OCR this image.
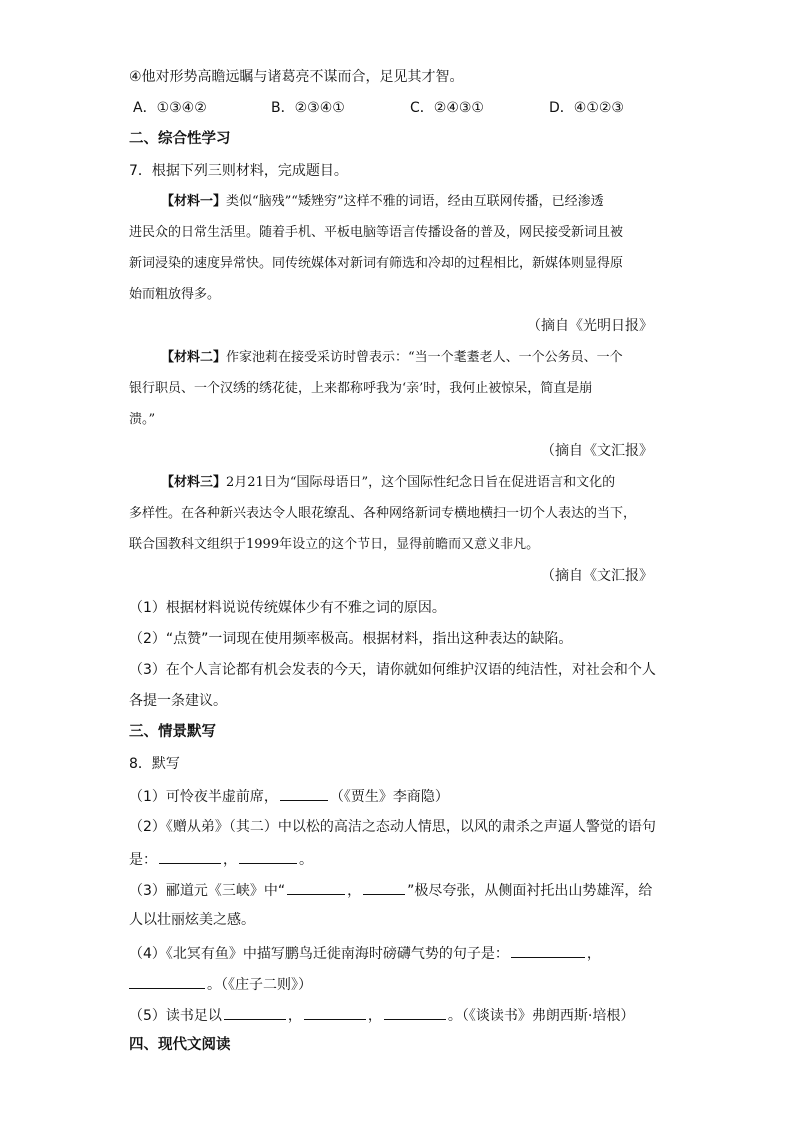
④他对形势高瞻远瞩与诸葛亮不谋而合，足见其才智。
A．①③④②	B．②③④①	C．②④③①	D．④①②③
二、综合性学习
7．根据下列三则材料，完成题目。
【材料一】类似“脑残”“矮矬穷”这样不雅的词语，经由互联网传播，已经渗透
进民众的日常生活里。随着手机、平板电脑等语言传播设备的普及，网民接受新词且被
新词浸染的速度异常快。同传统媒体对新词有筛选和冷却的过程相比，新媒体则显得原
始而粗放得多。
（摘自《光明日报》
【材料二】作家池莉在接受采访时曾表示：“当一个耄耋老人、一个公务员、一个
银行职员、一个汉绣的绣花徒，上来都称呼我为‘亲’时，我何止被惊呆，简直是崩
溃。”
（摘自《文汇报》
【材料三】2月21日为“国际母语日”，这个国际性纪念日旨在促进语言和文化的
多样性。在各种新兴表达令人眼花缭乱、各种网络新词专横地横扫一切个人表达的当下，
联合国教科文组织于1999年设立的这个节日，显得前瞻而又意义非凡。
（摘自《文汇报》
（1）根据材料说说传统媒体少有不雅之词的原因。
（2）“点赞”一词现在使用频率极高。根据材料，指出这种表达的缺陷。
（3）在个人言论都有机会发表的今天，请你就如何维护汉语的纯洁性，对社会和个人
各提一条建议。
三、情景默写
8．默写
（1）可怜夜半虚前席，	（《贾生》李商隐）
（2）《赠从弟》（其二）中以松的高洁之态动人情思，以风的肃杀之声逼人警觉的语句
是：	，	。
（3）郦道元《三峡》中“	，	”极尽夸张，从侧面衬托出山势雄浑，给
人以壮丽炫美之感。
（4）《北冥有鱼》中描写鹏鸟迁徙南海时磅礴气势的句子是：	，
。（《庄子二则》）
（5）读书足以	，	，	。（《谈读书》弗朗西斯·培根）
四、现代文阅读
